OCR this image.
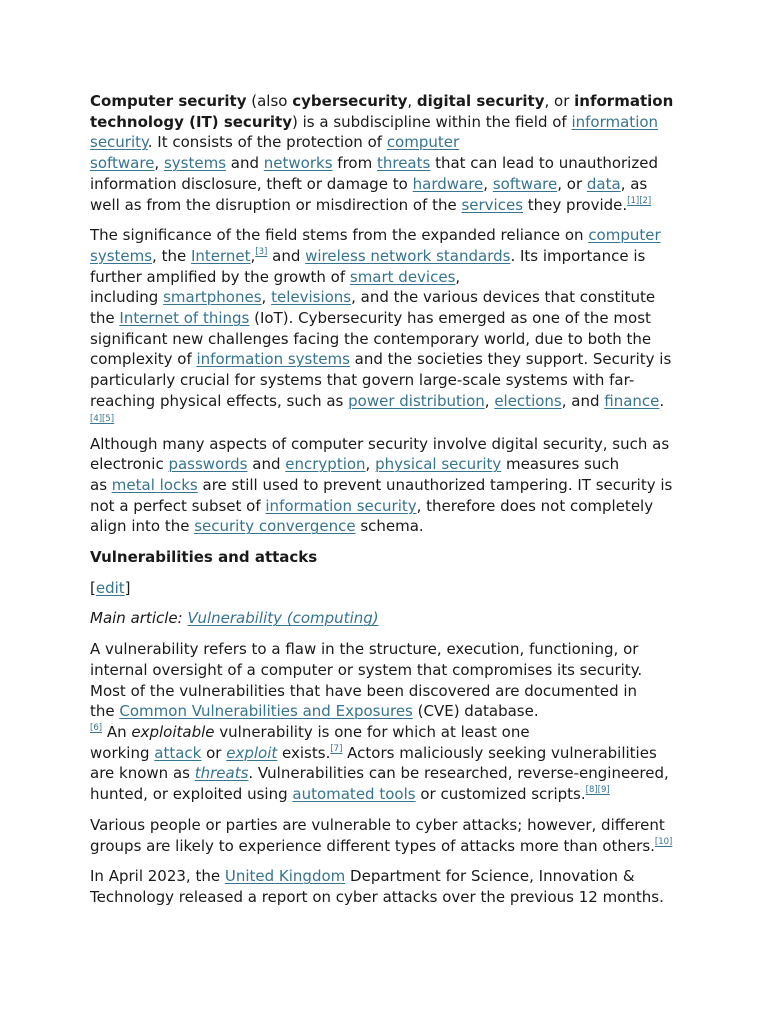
Computer security (also cybersecurity, digital security, or information
technology (IT) security) is a subdiscipline within the field of information
security. It consists of the protection of computer
software, systems and networks from threats that can lead to unauthorized
information disclosure, theft or damage to hardware, software, or data, as
well as from the disruption or misdirection of the services they provide.[1][2]
The significance of the field stems from the expanded reliance on computer
systems, the Internet,[3] and wireless network standards. Its importance is
further amplified by the growth of smart devices,
including smartphones, televisions, and the various devices that constitute
the Internet of things (IoT). Cybersecurity has emerged as one of the most
significant new challenges facing the contemporary world, due to both the
complexity of information systems and the societies they support. Security is
particularly crucial for systems that govern large-scale systems with far-
reaching physical effects, such as power distribution, elections, and finance.
[4][5]
Although many aspects of computer security involve digital security, such as
electronic passwords and encryption, physical security measures such
as metal locks are still used to prevent unauthorized tampering. IT security is
not a perfect subset of information security, therefore does not completely
align into the security convergence schema.
Vulnerabilities and attacks
[edit]
Main article: Vulnerability (computing)
A vulnerability refers to a flaw in the structure, execution, functioning, or
internal oversight of a computer or system that compromises its security.
Most of the vulnerabilities that have been discovered are documented in
the Common Vulnerabilities and Exposures (CVE) database.
[6] An exploitable vulnerability is one for which at least one
working attack or exploit exists.[7] Actors maliciously seeking vulnerabilities
are known as threats. Vulnerabilities can be researched, reverse-engineered,
hunted, or exploited using automated tools or customized scripts.[8][9]
Various people or parties are vulnerable to cyber attacks; however, different
groups are likely to experience different types of attacks more than others.[10]
In April 2023, the United Kingdom Department for Science, Innovation &
Technology released a report on cyber attacks over the previous 12 months.
